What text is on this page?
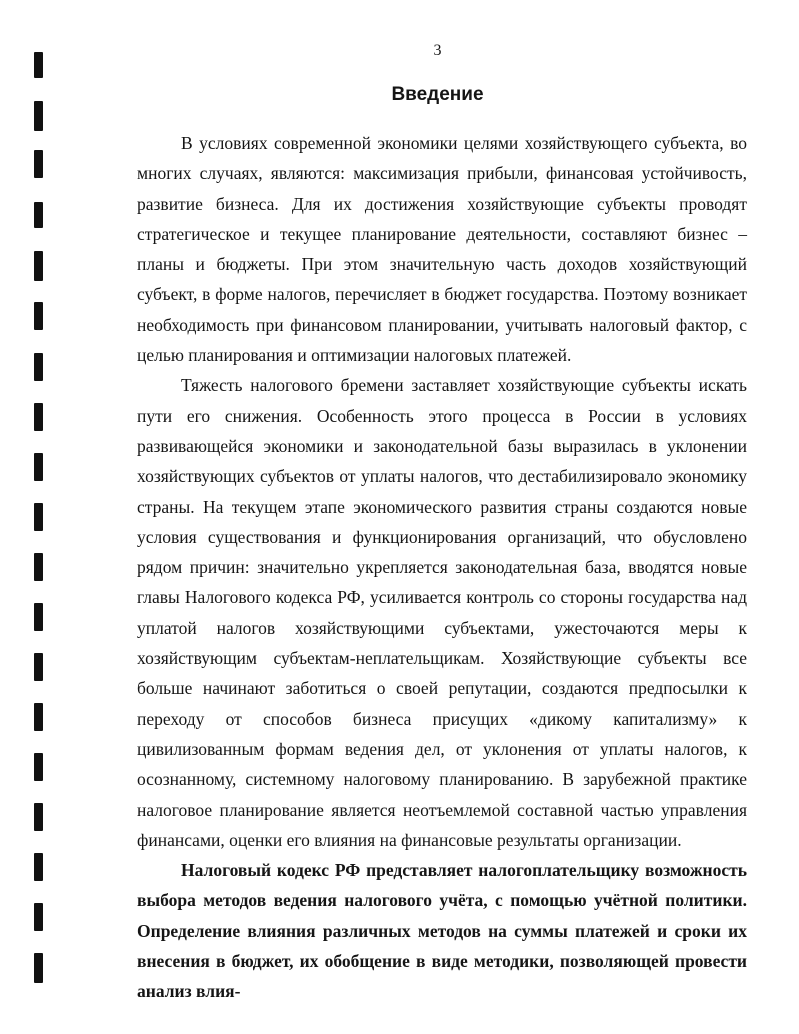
3
Введение

В условиях современной экономики целями хозяйствующего субъекта, во многих случаях, являются: максимизация прибыли, финансовая устойчивость, развитие бизнеса. Для их достижения хозяйствующие субъекты проводят стратегическое и текущее планирование деятельности, составляют бизнес – планы и бюджеты. При этом значительную часть доходов хозяйствующий субъект, в форме налогов, перечисляет в бюджет государства. Поэтому возникает необходимость при финансовом планировании, учитывать налоговый фактор, с целью планирования и оптимизации налоговых платежей.

Тяжесть налогового бремени заставляет хозяйствующие субъекты искать пути его снижения. Особенность этого процесса в России в условиях развивающейся экономики и законодательной базы выразилась в уклонении хозяйствующих субъектов от уплаты налогов, что дестабилизировало экономику страны. На текущем этапе экономического развития страны создаются новые условия существования и функционирования организаций, что обусловлено рядом причин: значительно укрепляется законодательная база, вводятся новые главы Налогового кодекса РФ, усиливается контроль со стороны государства над уплатой налогов хозяйствующими субъектами, ужесточаются меры к хозяйствующим субъектам-неплательщикам. Хозяйствующие субъекты все больше начинают заботиться о своей репутации, создаются предпосылки к переходу от способов бизнеса присущих «дикому капитализму» к цивилизованным формам ведения дел, от уклонения от уплаты налогов, к осознанному, системному налоговому планированию. В зарубежной практике налоговое планирование является неотъемлемой составной частью управления финансами, оценки его влияния на финансовые результаты организации.

Налоговый кодекс РФ представляет налогоплательщику возможность выбора методов ведения налогового учёта, с помощью учётной политики. Определение влияния различных методов на суммы платежей и сроки их внесения в бюджет, их обобщение в виде методики, позволяющей провести анализ влия-
